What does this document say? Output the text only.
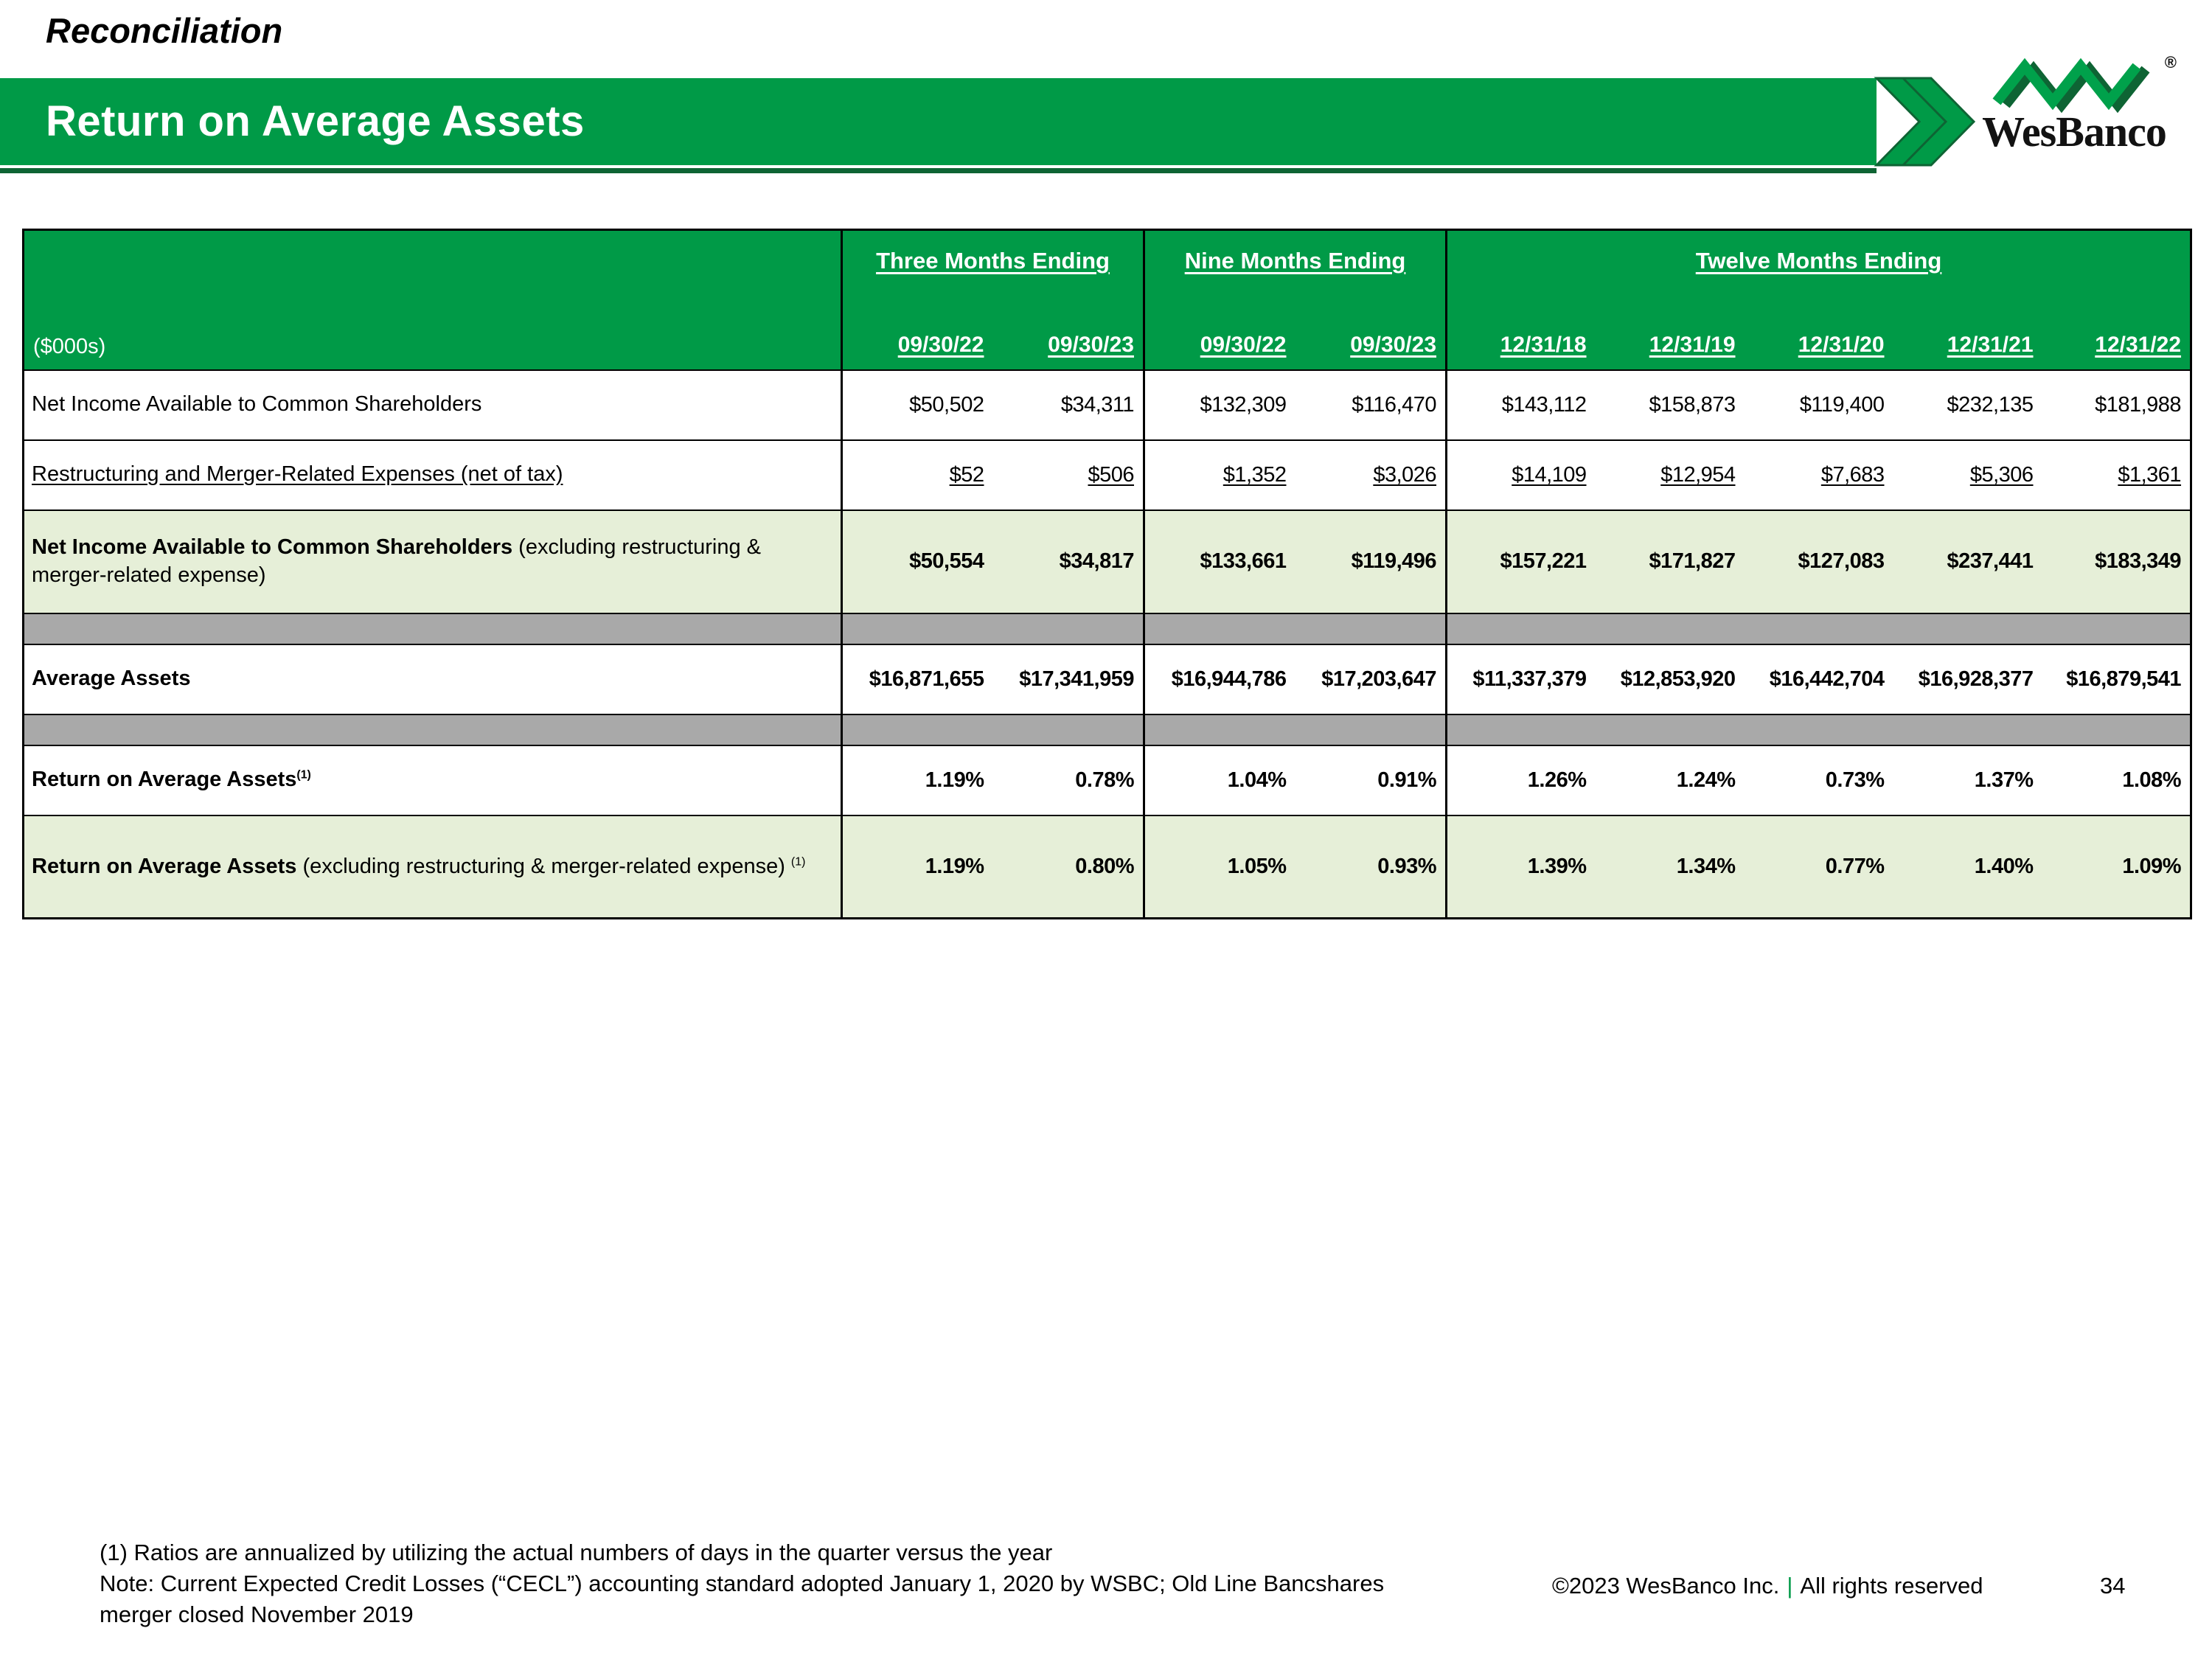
Reconciliation
Return on Average Assets
®
WesBanco
($000s)	Three Months Ending		Nine Months Ending		Twelve Months Ending				
	09/30/22	09/30/23	09/30/22	09/30/23	12/31/18	12/31/19	12/31/20	12/31/21	12/31/22
Net Income Available to Common Shareholders	$50,502	$34,311	$132,309	$116,470	$143,112	$158,873	$119,400	$232,135	$181,988
Restructuring and Merger-Related Expenses (net of tax)	$52	$506	$1,352	$3,026	$14,109	$12,954	$7,683	$5,306	$1,361
Net Income Available to Common Shareholders (excluding restructuring & merger-related expense)	$50,554	$34,817	$133,661	$119,496	$157,221	$171,827	$127,083	$237,441	$183,349

Average Assets	$16,871,655	$17,341,959	$16,944,786	$17,203,647	$11,337,379	$12,853,920	$16,442,704	$16,928,377	$16,879,541

Return on Average Assets$^{(1)}$	1.19%	0.78%	1.04%	0.91%	1.26%	1.24%	0.73%	1.37%	1.08%
Return on Average Assets (excluding restructuring & merger-related expense) $^{(1)}$	1.19%	0.80%	1.05%	0.93%	1.39%	1.34%	0.77%	1.40%	1.09%
(1) Ratios are annualized by utilizing the actual numbers of days in the quarter versus the year
Note: Current Expected Credit Losses (“CECL”) accounting standard adopted January 1, 2020 by WSBC; Old Line Bancshares
merger closed November 2019
©2023 WesBanco Inc. | All rights reserved	34
